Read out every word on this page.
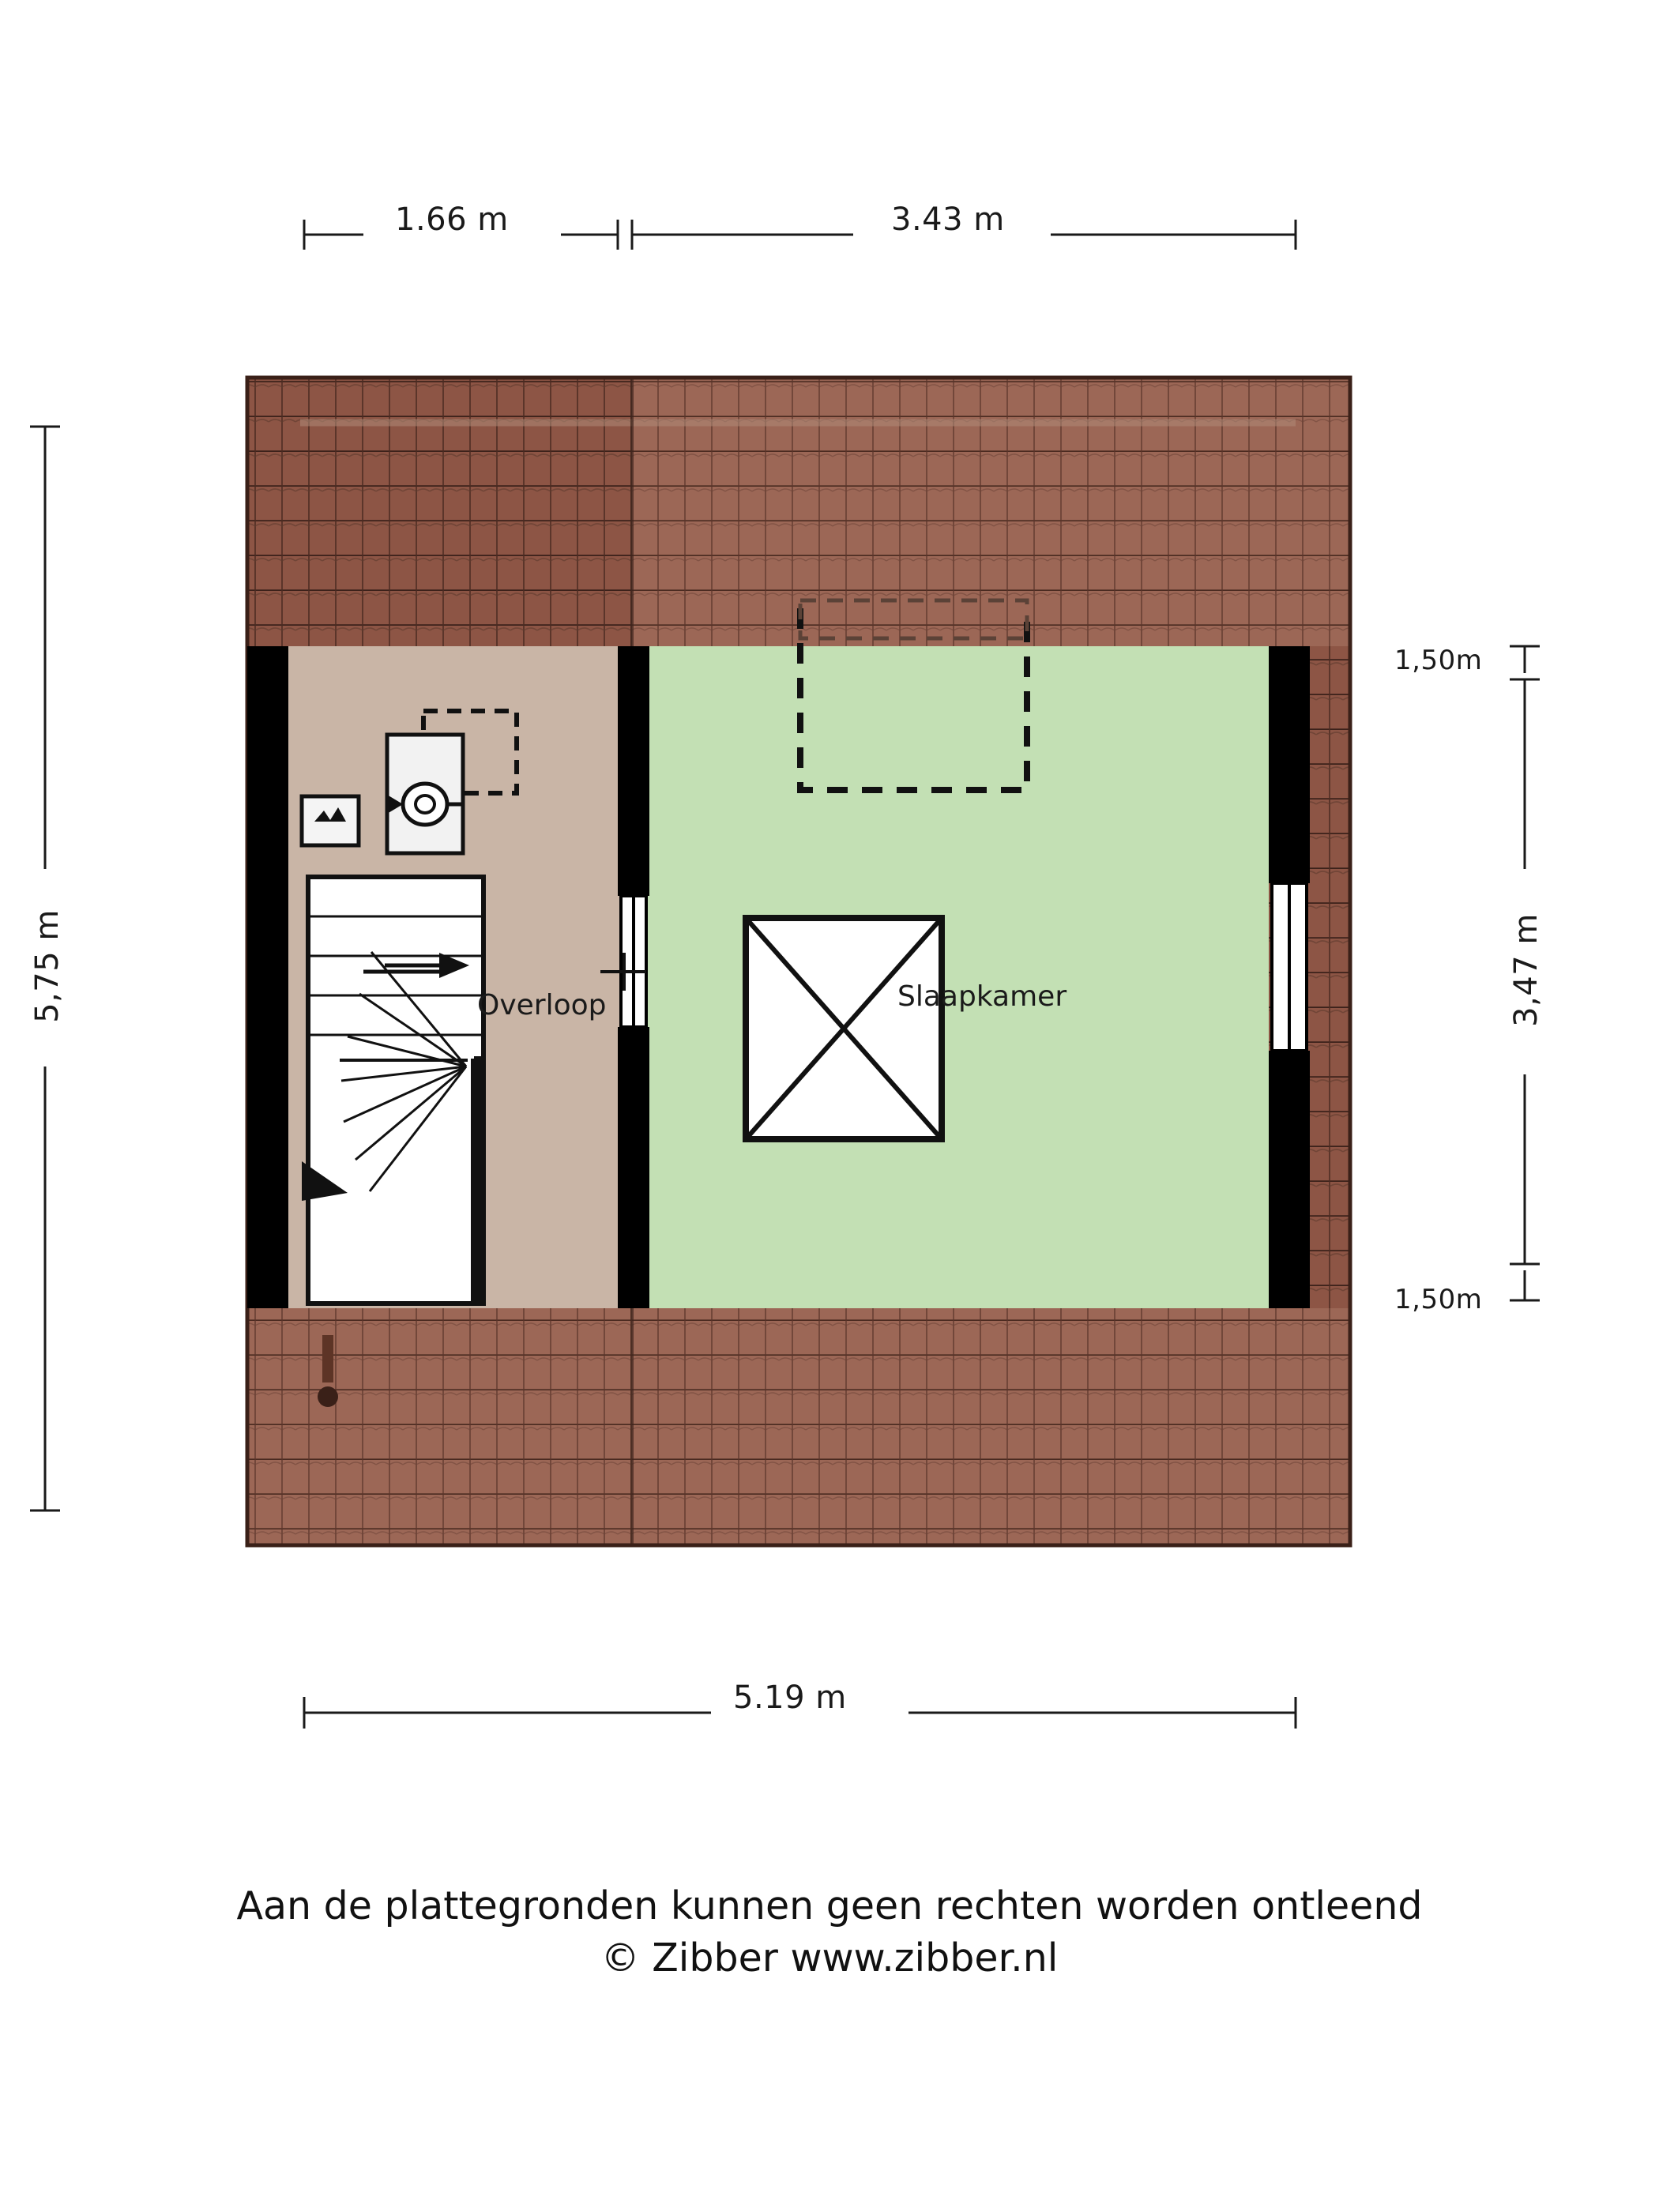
1.66 m	3.43 m
5,75 m	3,47 m
1,50m
1,50m
5.19 m
Overloop	Slaapkamer
Aan de plattegronden kunnen geen rechten worden ontleend
© Zibber www.zibber.nl
